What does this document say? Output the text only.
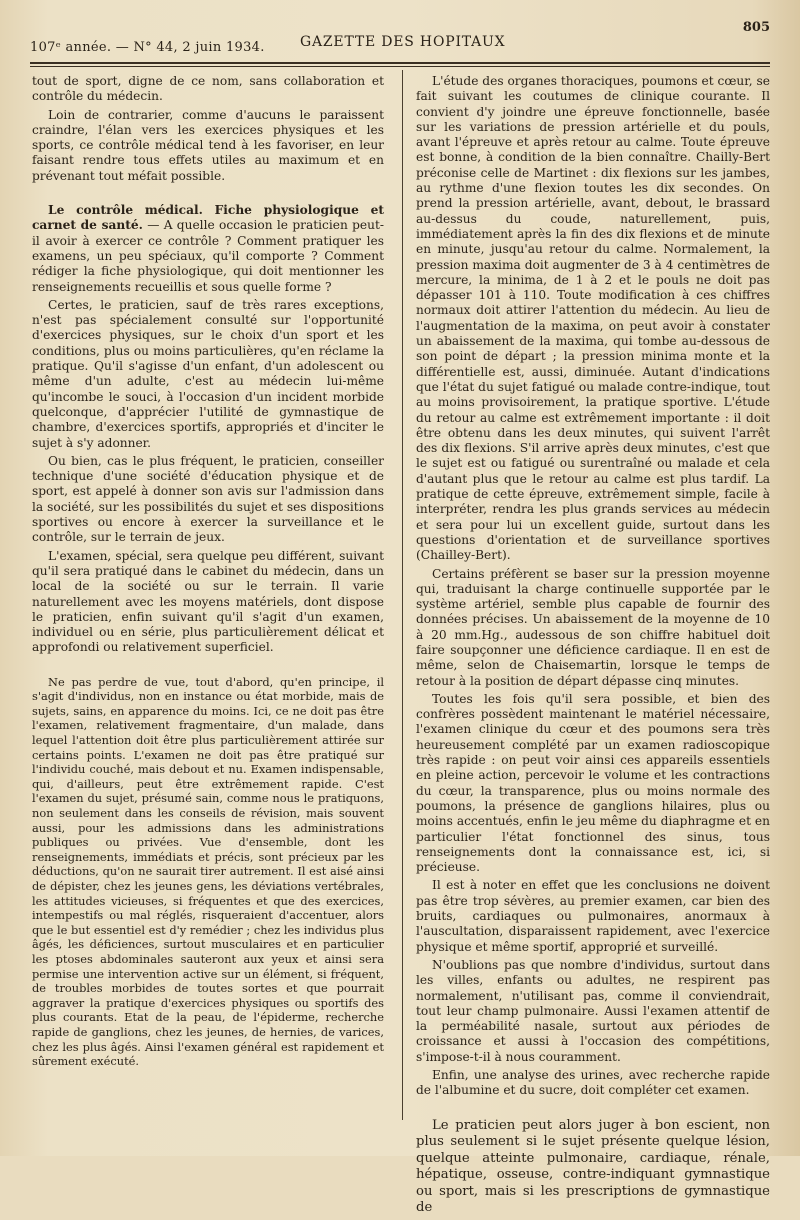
107ᵉ année. — N° 44, 2 juin 1934.	GAZETTE DES HOPITAUX
805

tout de sport, digne de ce nom, sans collaboration et contrôle du médecin.

Loin de contrarier, comme d'aucuns le paraissent craindre, l'élan vers les exercices physiques et les sports, ce contrôle médical tend à les favoriser, en leur faisant rendre tous effets utiles au maximum et en prévenant tout méfait possible.

Le contrôle médical. Fiche physiologique et carnet de santé. — A quelle occasion le praticien peut-il avoir à exercer ce contrôle ? Comment pratiquer les examens, un peu spéciaux, qu'il comporte ? Comment rédiger la fiche physiologique, qui doit mentionner les renseignements recueillis et sous quelle forme ?

Certes, le praticien, sauf de très rares exceptions, n'est pas spécialement consulté sur l'opportunité d'exercices physiques, sur le choix d'un sport et les conditions, plus ou moins particulières, qu'en réclame la pratique. Qu'il s'agisse d'un enfant, d'un adolescent ou même d'un adulte, c'est au médecin lui-même qu'incombe le souci, à l'occasion d'un incident morbide quelconque, d'apprécier l'utilité de gymnastique de chambre, d'exercices sportifs, appropriés et d'inciter le sujet à s'y adonner.

Ou bien, cas le plus fréquent, le praticien, conseiller technique d'une société d'éducation physique et de sport, est appelé à donner son avis sur l'admission dans la société, sur les possibilités du sujet et ses dispositions sportives ou encore à exercer la surveillance et le contrôle, sur le terrain de jeux.

L'examen, spécial, sera quelque peu différent, suivant qu'il sera pratiqué dans le cabinet du médecin, dans un local de la société ou sur le terrain. Il varie naturellement avec les moyens matériels, dont dispose le praticien, enfin suivant qu'il s'agit d'un examen, individuel ou en série, plus particulièrement délicat et approfondi ou relativement superficiel.

Ne pas perdre de vue, tout d'abord, qu'en principe, il s'agit d'individus, non en instance ou état morbide, mais de sujets, sains, en apparence du moins. Ici, ce ne doit pas être l'examen, relativement fragmentaire, d'un malade, dans lequel l'attention doit être plus particulièrement attirée sur certains points. L'examen ne doit pas être pratiqué sur l'individu couché, mais debout et nu. Examen indispensable, qui, d'ailleurs, peut être extrêmement rapide. C'est l'examen du sujet, présumé sain, comme nous le pratiquons, non seulement dans les conseils de révision, mais souvent aussi, pour les admissions dans les administrations publiques ou privées. Vue d'ensemble, dont les renseignements, immédiats et précis, sont précieux par les déductions, qu'on ne saurait tirer autrement. Il est aisé ainsi de dépister, chez les jeunes gens, les déviations vertébrales, les attitudes vicieuses, si fréquentes et que des exercices, intempestifs ou mal réglés, risqueraient d'accentuer, alors que le but essentiel est d'y remédier ; chez les individus plus âgés, les déficiences, surtout musculaires et en particulier les ptoses abdominales sauteront aux yeux et ainsi sera permise une intervention active sur un élément, si fréquent, de troubles morbides de toutes sortes et que pourrait aggraver la pratique d'exercices physiques ou sportifs des plus courants. Etat de la peau, de l'épiderme, recherche rapide de ganglions, chez les jeunes, de hernies, de varices, chez les plus âgés. Ainsi l'examen général est rapidement et sûrement exécuté.

L'étude des organes thoraciques, poumons et cœur, se fait suivant les coutumes de clinique courante. Il convient d'y joindre une épreuve fonctionnelle, basée sur les variations de pression artérielle et du pouls, avant l'épreuve et après retour au calme. Toute épreuve est bonne, à condition de la bien connaître. Chailly-Bert préconise celle de Martinet : dix flexions sur les jambes, au rythme d'une flexion toutes les dix secondes. On prend la pression artérielle, avant, debout, le brassard au-dessus du coude, naturellement, puis, immédiatement après la fin des dix flexions et de minute en minute, jusqu'au retour du calme. Normalement, la pression maxima doit augmenter de 3 à 4 centimètres de mercure, la minima, de 1 à 2 et le pouls ne doit pas dépasser 101 à 110. Toute modification à ces chiffres normaux doit attirer l'attention du médecin. Au lieu de l'augmentation de la maxima, on peut avoir à constater un abaissement de la maxima, qui tombe au-dessous de son point de départ ; la pression minima monte et la différentielle est, aussi, diminuée. Autant d'indications que l'état du sujet fatigué ou malade contre-indique, tout au moins provisoirement, la pratique sportive. L'étude du retour au calme est extrêmement importante : il doit être obtenu dans les deux minutes, qui suivent l'arrêt des dix flexions. S'il arrive après deux minutes, c'est que le sujet est ou fatigué ou surentraîné ou malade et cela d'autant plus que le retour au calme est plus tardif. La pratique de cette épreuve, extrêmement simple, facile à interpréter, rendra les plus grands services au médecin et sera pour lui un excellent guide, surtout dans les questions d'orientation et de surveillance sportives (Chailley-Bert).

Certains préfèrent se baser sur la pression moyenne qui, traduisant la charge continuelle supportée par le système artériel, semble plus capable de fournir des données précises. Un abaissement de la moyenne de 10 à 20 mm.Hg., audessous de son chiffre habituel doit faire soupçonner une déficience cardiaque. Il en est de même, selon de Chaisemartin, lorsque le temps de retour à la position de départ dépasse cinq minutes.

Toutes les fois qu'il sera possible, et bien des confrères possèdent maintenant le matériel nécessaire, l'examen clinique du cœur et des poumons sera très heureusement complété par un examen radioscopique très rapide : on peut voir ainsi ces appareils essentiels en pleine action, percevoir le volume et les contractions du cœur, la transparence, plus ou moins normale des poumons, la présence de ganglions hilaires, plus ou moins accentués, enfin le jeu même du diaphragme et en particulier l'état fonctionnel des sinus, tous renseignements dont la connaissance est, ici, si précieuse.

Il est à noter en effet que les conclusions ne doivent pas être trop sévères, au premier examen, car bien des bruits, cardiaques ou pulmonaires, anormaux à l'auscultation, disparaissent rapidement, avec l'exercice physique et même sportif, approprié et surveillé.

N'oublions pas que nombre d'individus, surtout dans les villes, enfants ou adultes, ne respirent pas normalement, n'utilisant pas, comme il conviendrait, tout leur champ pulmonaire. Aussi l'examen attentif de la perméabilité nasale, surtout aux périodes de croissance et aussi à l'occasion des compétitions, s'impose-t-il à nous couramment.

Enfin, une analyse des urines, avec recherche rapide de l'albumine et du sucre, doit compléter cet examen.

Le praticien peut alors juger à bon escient, non plus seulement si le sujet présente quelque lésion, quelque atteinte pulmonaire, cardiaque, rénale, hépatique, osseuse, contre-indiquant gymnastique ou sport, mais si les prescriptions de gymnastique de
